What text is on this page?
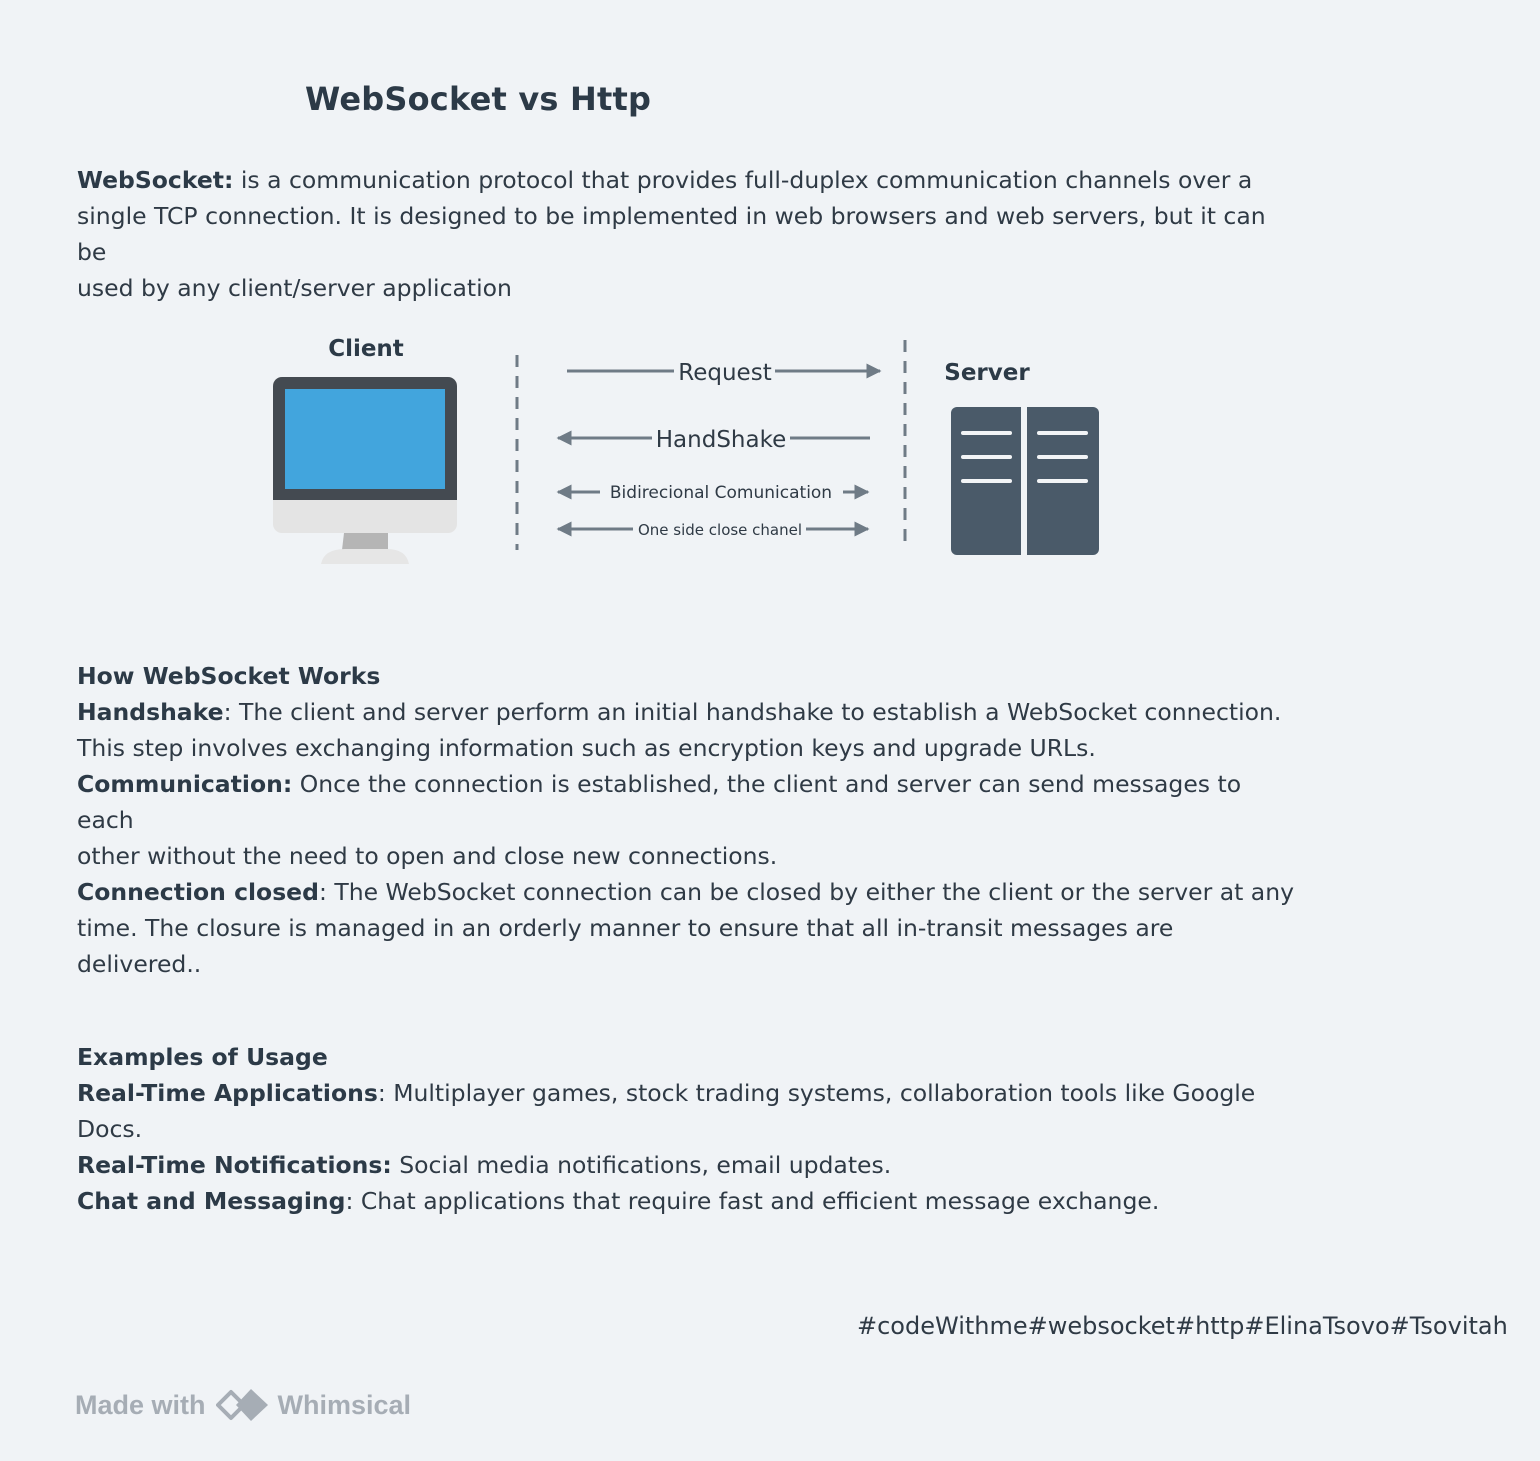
WebSocket vs Http

WebSocket: is a communication protocol that provides full-duplex communication channels over a
single TCP connection. It is designed to be implemented in web browsers and web servers, but it can be
used by any client/server application

Client
Request
HandShake
Bidirecional Comunication
One side close chanel
Server
How WebSocket Works
Handshake: The client and server perform an initial handshake to establish a WebSocket connection.
This step involves exchanging information such as encryption keys and upgrade URLs.
Communication: Once the connection is established, the client and server can send messages to each
other without the need to open and close new connections.
Connection closed: The WebSocket connection can be closed by either the client or the server at any
time. The closure is managed in an orderly manner to ensure that all in-transit messages are
delivered..
Examples of Usage
Real-Time Applications: Multiplayer games, stock trading systems, collaboration tools like Google
Docs.
Real-Time Notifications: Social media notifications, email updates.
Chat and Messaging: Chat applications that require fast and efficient message exchange.

#codeWithme#websocket#http#ElinaTsovo#Tsovitah

Made with	Whimsical
